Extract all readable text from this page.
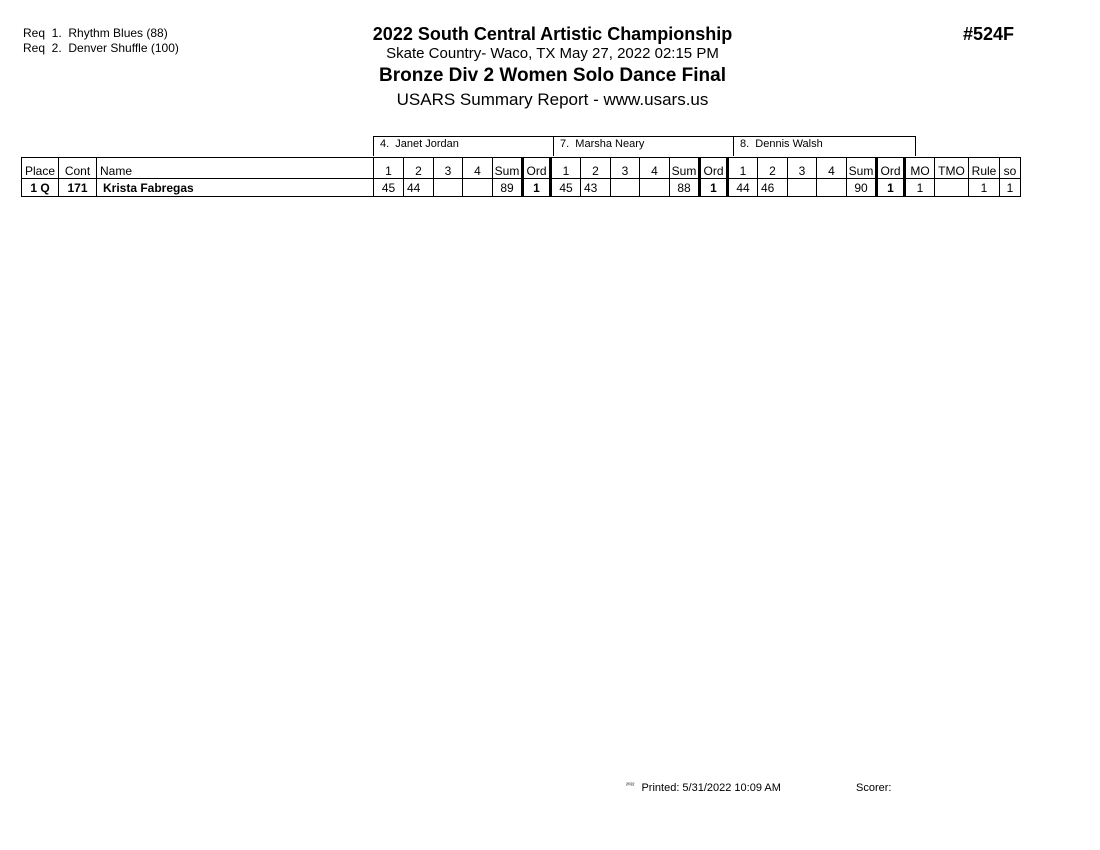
Req  1.  Rhythm Blues (88)
Req  2.  Denver Shuffle (100)
2022 South Central Artistic Championship
Skate Country- Waco, TX May 27, 2022 02:15 PM
Bronze Div 2 Women Solo Dance Final
USARS Summary Report - www.usars.us
#524F
4.  Janet Jordan	7.  Marsha Neary	8.  Dennis Walsh
Place	Cont	Name	1	2	3	4	Sum	Ord	1	2	3	4	Sum	Ord	1	2	3	4	Sum	Ord	MO	TMO	Rule	so
1 Q	171	Krista Fabregas	45	44			89	1	45	43			88	1	44	46			90	1	1		1	1
$^{^{2022}}$ Printed: 5/31/2022 10:09 AM	Scorer:
